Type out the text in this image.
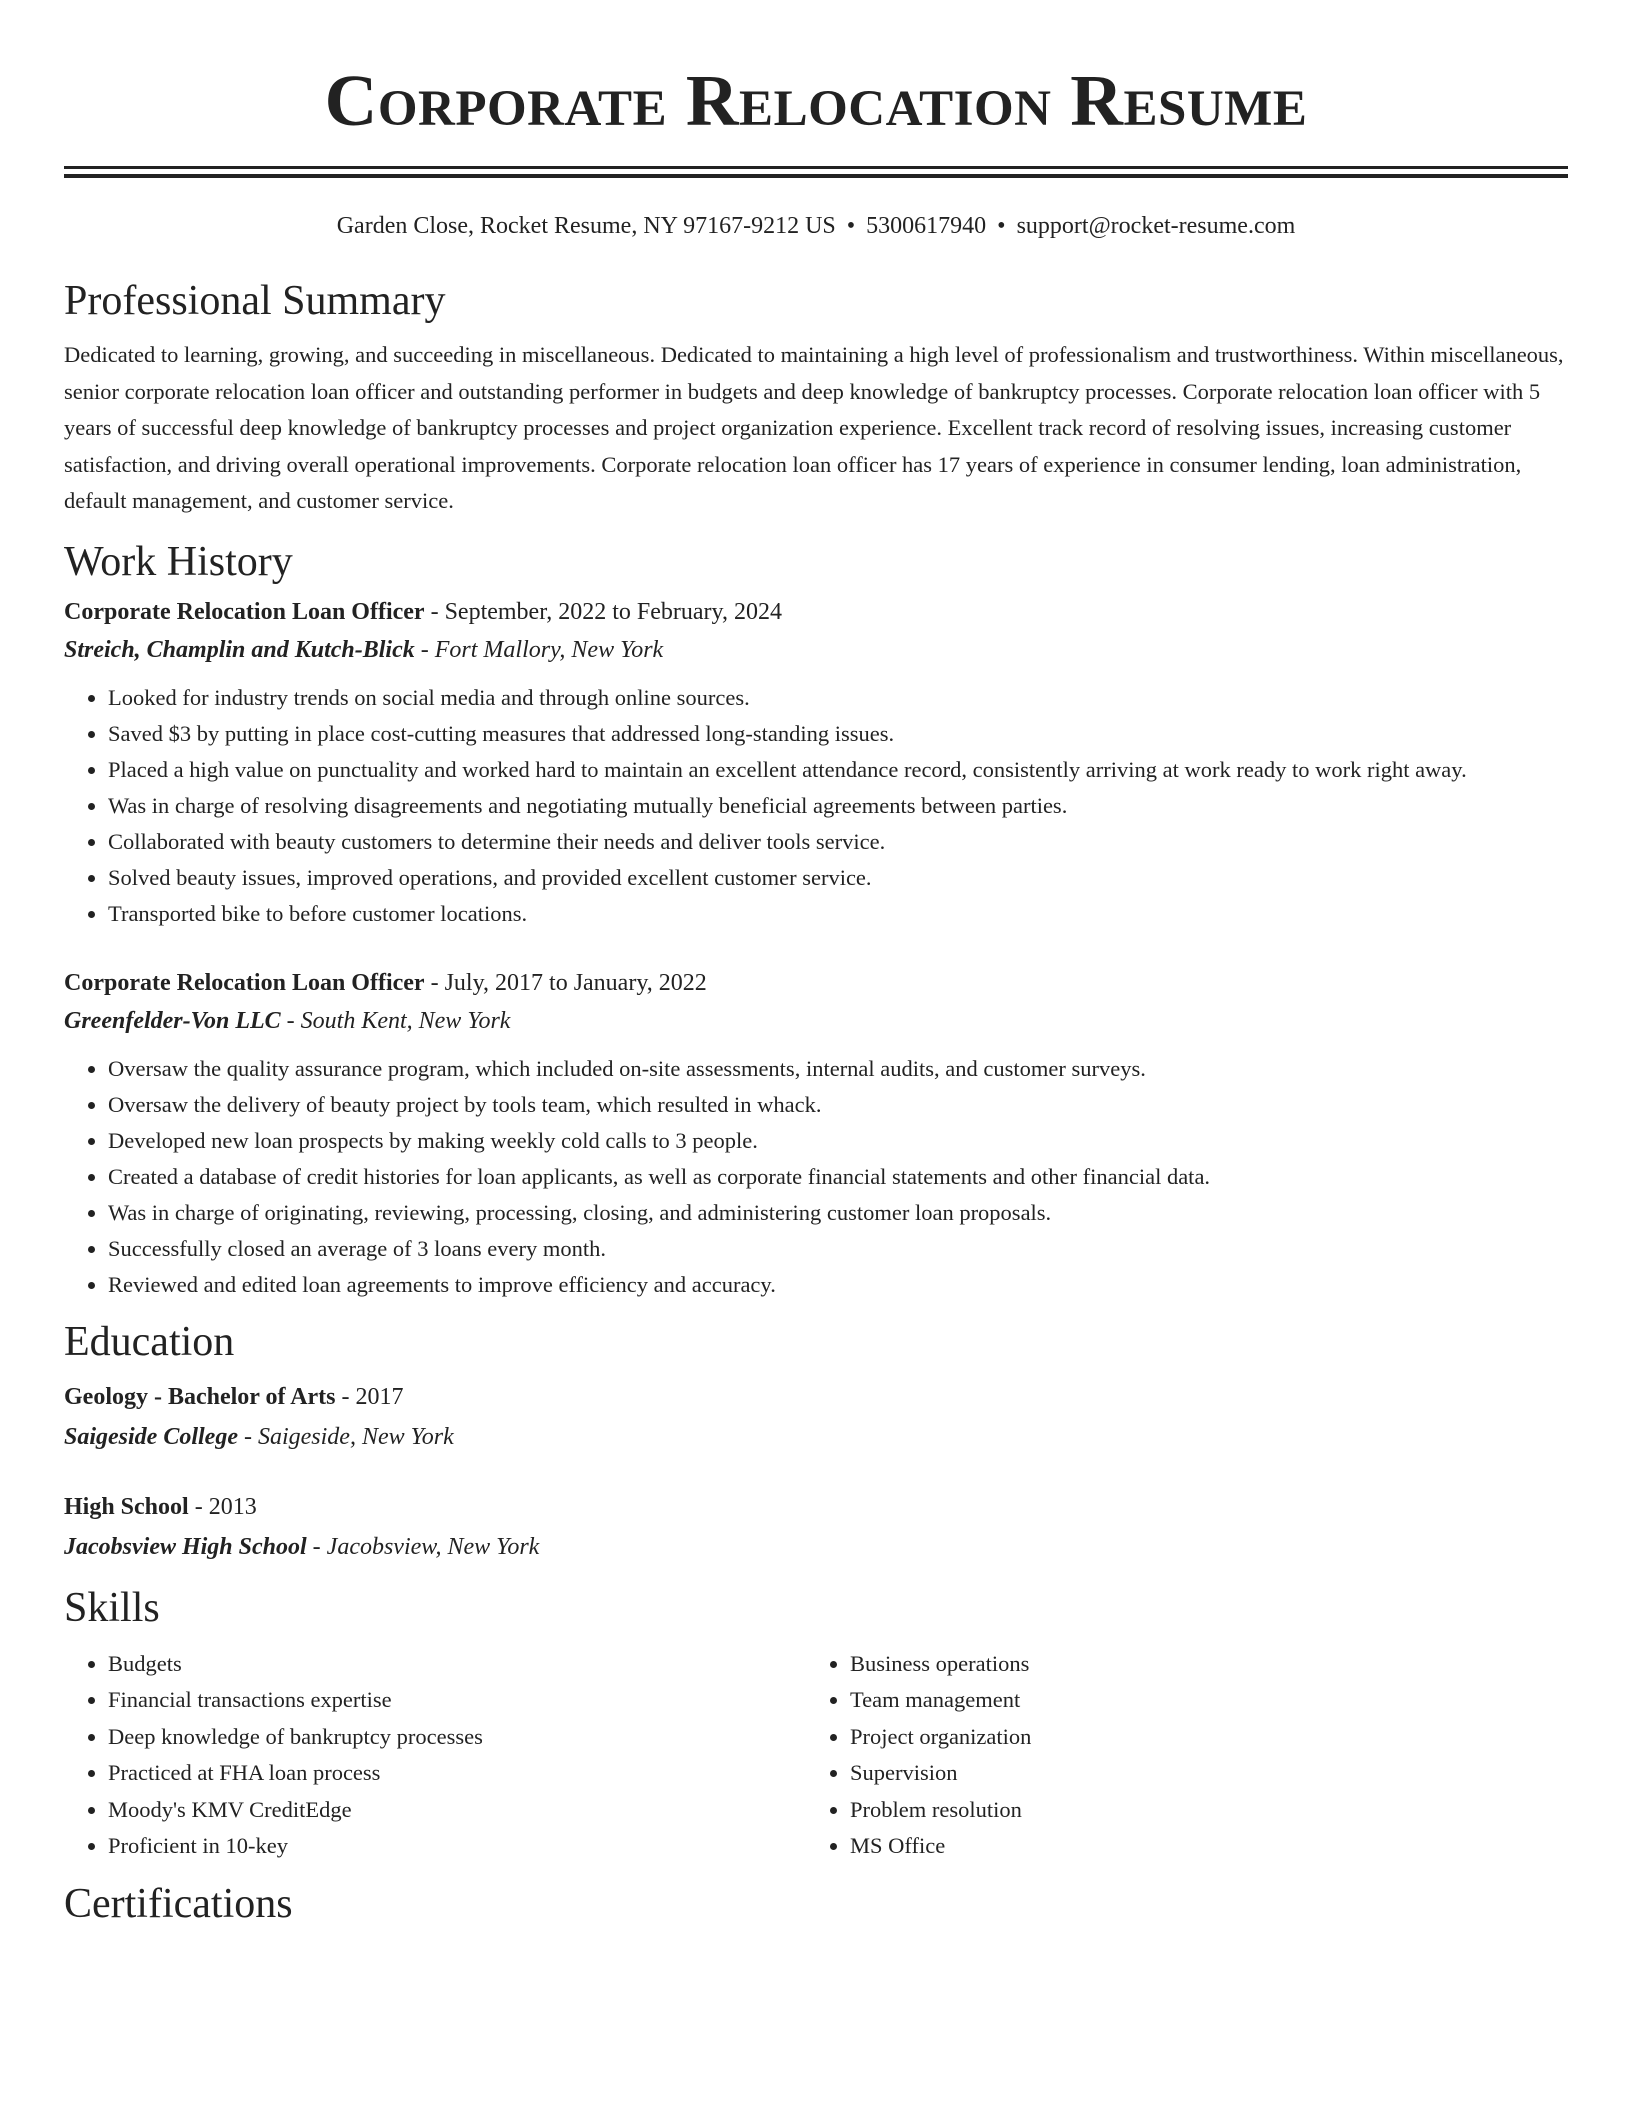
Corporate Relocation Resume
Garden Close, Rocket Resume, NY 97167-9212 US • 5300617940 • support@rocket-resume.com
Professional Summary

Dedicated to learning, growing, and succeeding in miscellaneous. Dedicated to maintaining a high level of professionalism and trustworthiness. Within miscellaneous, senior corporate relocation loan officer and outstanding performer in budgets and deep knowledge of bankruptcy processes. Corporate relocation loan officer with 5 years of successful deep knowledge of bankruptcy processes and project organization experience. Excellent track record of resolving issues, increasing customer satisfaction, and driving overall operational improvements. Corporate relocation loan officer has 17 years of experience in consumer lending, loan administration, default management, and customer service.

Work History
Corporate Relocation Loan Officer - September, 2022 to February, 2024
Streich, Champlin and Kutch-Blick - Fort Mallory, New York
• Looked for industry trends on social media and through online sources.
• Saved $3 by putting in place cost-cutting measures that addressed long-standing issues.
• Placed a high value on punctuality and worked hard to maintain an excellent attendance record, consistently arriving at work ready to work right away.
• Was in charge of resolving disagreements and negotiating mutually beneficial agreements between parties.
• Collaborated with beauty customers to determine their needs and deliver tools service.
• Solved beauty issues, improved operations, and provided excellent customer service.
• Transported bike to before customer locations.
Corporate Relocation Loan Officer - July, 2017 to January, 2022
Greenfelder-Von LLC - South Kent, New York
• Oversaw the quality assurance program, which included on-site assessments, internal audits, and customer surveys.
• Oversaw the delivery of beauty project by tools team, which resulted in whack.
• Developed new loan prospects by making weekly cold calls to 3 people.
• Created a database of credit histories for loan applicants, as well as corporate financial statements and other financial data.
• Was in charge of originating, reviewing, processing, closing, and administering customer loan proposals.
• Successfully closed an average of 3 loans every month.
• Reviewed and edited loan agreements to improve efficiency and accuracy.
Education
Geology - Bachelor of Arts - 2017
Saigeside College - Saigeside, New York
High School - 2013
Jacobsview High School - Jacobsview, New York
Skills
• Budgets
• Financial transactions expertise
• Deep knowledge of bankruptcy processes
• Practiced at FHA loan process
• Moody's KMV CreditEdge
• Proficient in 10-key
• Business operations
• Team management
• Project organization
• Supervision
• Problem resolution
• MS Office
Certifications
